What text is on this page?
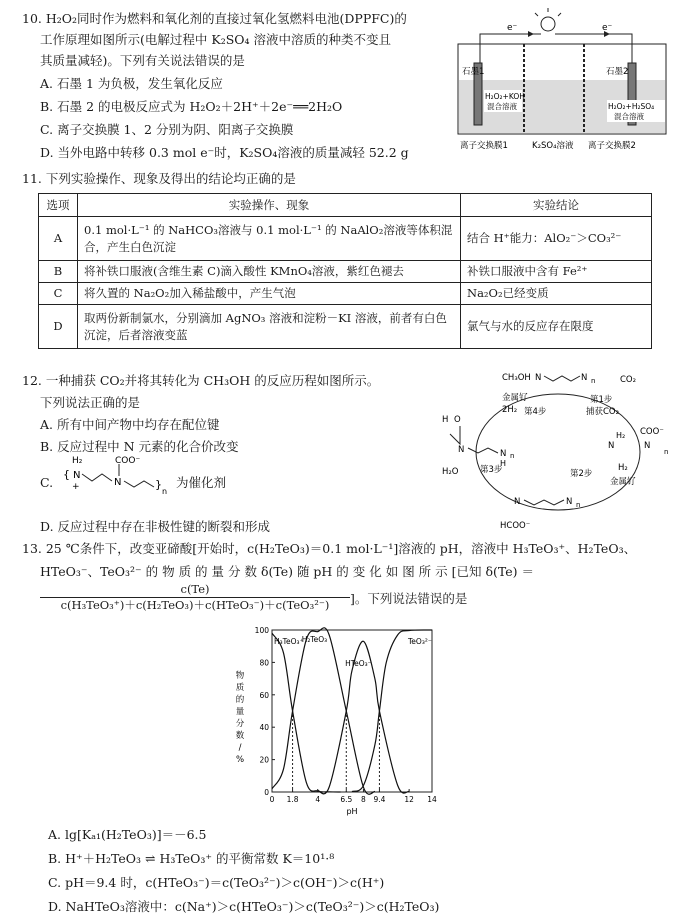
10. H₂O₂同时作为燃料和氧化剂的直接过氧化氢燃料电池(DPPFC)的
工作原理如图所示(电解过程中 K₂SO₄ 溶液中溶质的种类不变且
其质量减轻)。下列有关说法错误的是
A. 石墨 1 为负极，发生氧化反应
B. 石墨 2 的电极反应式为 H₂O₂＋2H⁺＋2e⁻══2H₂O
C. 离子交换膜 1、2 分别为阴、阳离子交换膜
D. 当外电路中转移 0.3 mol e⁻时，K₂SO₄溶液的质量减轻 52.2 g
e⁻	e⁻
石墨1	石墨2
H₂O₂+KOH
混合溶液	H₂O₂+H₂SO₄
混合溶液
离子交换膜1	K₂SO₄溶液 离子交换膜2
11. 下列实验操作、现象及得出的结论均正确的是
选项	实验操作、现象	实验结论
A	0.1 mol·L⁻¹ 的 NaHCO₃溶液与 0.1 mol·L⁻¹ 的 NaAlO₂溶液等体积混合，产生白色沉淀	结合 H⁺能力：AlO₂⁻＞CO₃²⁻
B	将补铁口服液(含维生素 C)滴入酸性 KMnO₄溶液，紫红色褪去	补铁口服液中含有 Fe²⁺
C	将久置的 Na₂O₂加入稀盐酸中，产生气泡	Na₂O₂已经变质
D	取两份新制氯水，分别滴加 AgNO₃ 溶液和淀粉－KI 溶液，前者有白色沉淀，后者溶液变蓝	氯气与水的反应存在限度
12. 一种捕获 CO₂并将其转化为 CH₃OH 的反应历程如图所示。
下列说法正确的是
A. 所有中间产物中均存在配位键
B. 反应过程中 N 元素的化合价改变
C.
H₂
{ N
+	N
COO⁻
}
n
为催化剂
D. 反应过程中存在非极性键的断裂和形成
CH₃OH N	N n	CO₂
金属钌
2H₂ 第4步
第1步
捕获CO₂
H O
N	N
H
n
H₂
N
COO⁻
N
n
第2步
H₂
金属钌
H₂O	第3步
N	N n
HCOO⁻
13. 25 ℃条件下，改变亚碲酸[开始时，c(H₂TeO₃)＝0.1 mol·L⁻¹]溶液的 pH，溶液中 H₃TeO₃⁺、H₂TeO₃、
HTeO₃⁻、TeO₃²⁻ 的 物 质 的 量 分 数 δ(Te) 随 pH 的 变 化 如 图 所 示 [已知 δ(Te) ＝
c(Te)
c(H₃TeO₃⁺)＋c(H₂TeO₃)＋c(HTeO₃⁻)＋c(TeO₃²⁻)	]。下列说法错误的是
0
20
40
60
80
100
0 1.8 4	6.5 8 9.4	12 14
H₃TeO₃⁺
H₂TeO₃
HTeO₃⁻
TeO₃²⁻
pH
物
质
的
量
分
数
/
%
A. lg[Kₐ₁(H₂TeO₃)]＝－6.5
B. H⁺＋H₂TeO₃ ⇌ H₃TeO₃⁺ 的平衡常数 K＝10¹·⁸
C. pH＝9.4 时，c(HTeO₃⁻)＝c(TeO₃²⁻)＞c(OH⁻)＞c(H⁺)
D. NaHTeO₃溶液中：c(Na⁺)＞c(HTeO₃⁻)＞c(TeO₃²⁻)＞c(H₂TeO₃)
